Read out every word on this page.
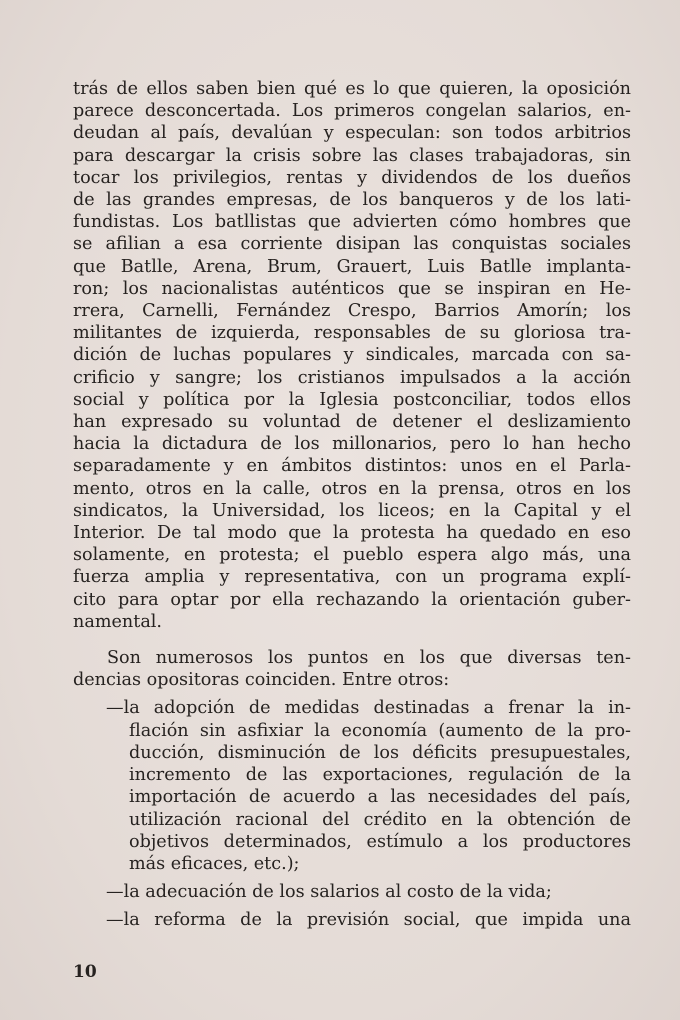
trás de ellos saben bien qué es lo que quieren, la oposición
parece desconcertada. Los primeros congelan salarios, en-
deudan al país, devalúan y especulan: son todos arbitrios
para descargar la crisis sobre las clases trabajadoras, sin
tocar los privilegios, rentas y dividendos de los dueños
de las grandes empresas, de los banqueros y de los lati-
fundistas. Los batllistas que advierten cómo hombres que
se afilian a esa corriente disipan las conquistas sociales
que Batlle, Arena, Brum, Grauert, Luis Batlle implanta-
ron; los nacionalistas auténticos que se inspiran en He-
rrera, Carnelli, Fernández Crespo, Barrios Amorín; los
militantes de izquierda, responsables de su gloriosa tra-
dición de luchas populares y sindicales, marcada con sa-
crificio y sangre; los cristianos impulsados a la acción
social y política por la Iglesia postconciliar, todos ellos
han expresado su voluntad de detener el deslizamiento
hacia la dictadura de los millonarios, pero lo han hecho
separadamente y en ámbitos distintos: unos en el Parla-
mento, otros en la calle, otros en la prensa, otros en los
sindicatos, la Universidad, los liceos; en la Capital y el
Interior. De tal modo que la protesta ha quedado en eso
solamente, en protesta; el pueblo espera algo más, una
fuerza amplia y representativa, con un programa explí-
cito para optar por ella rechazando la orientación guber-
namental.
Son numerosos los puntos en los que diversas ten-
dencias opositoras coinciden. Entre otros:
—la adopción de medidas destinadas a frenar la in-
flación sin asfixiar la economía (aumento de la pro-
ducción, disminución de los déficits presupuestales,
incremento de las exportaciones, regulación de la
importación de acuerdo a las necesidades del país,
utilización racional del crédito en la obtención de
objetivos determinados, estímulo a los productores
más eficaces, etc.);
—la adecuación de los salarios al costo de la vida;
—la reforma de la previsión social, que impida una
10
